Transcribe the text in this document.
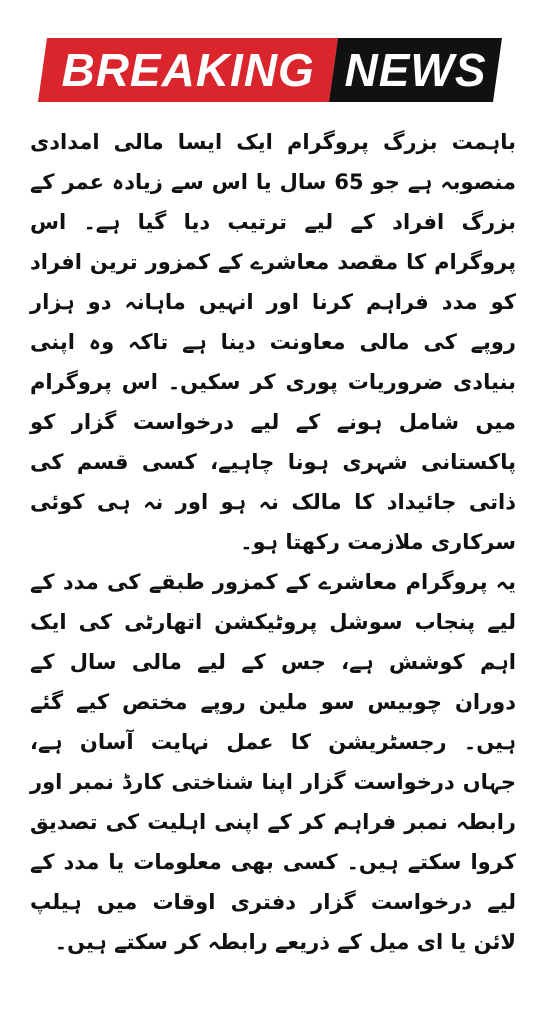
BREAKING NEWS

باہمت بزرگ پروگرام ایک ایسا مالی امدادی منصوبہ ہے جو 65 سال یا اس سے زیادہ عمر کے بزرگ افراد کے لیے ترتیب دیا گیا ہے۔ اس پروگرام کا مقصد معاشرے کے کمزور ترین افراد کو مدد فراہم کرنا اور انہیں ماہانہ دو ہزار روپے کی مالی معاونت دینا ہے تاکہ وہ اپنی بنیادی ضروریات پوری کر سکیں۔ اس پروگرام میں شامل ہونے کے لیے درخواست گزار کو پاکستانی شہری ہونا چاہیے، کسی قسم کی ذاتی جائیداد کا مالک نہ ہو اور نہ ہی کوئی سرکاری ملازمت رکھتا ہو۔

یہ پروگرام معاشرے کے کمزور طبقے کی مدد کے لیے پنجاب سوشل پروٹیکشن اتھارٹی کی ایک اہم کوشش ہے، جس کے لیے مالی سال کے دوران چوبیس سو ملین روپے مختص کیے گئے ہیں۔ رجسٹریشن کا عمل نہایت آسان ہے، جہاں درخواست گزار اپنا شناختی کارڈ نمبر اور رابطہ نمبر فراہم کر کے اپنی اہلیت کی تصدیق کروا سکتے ہیں۔ کسی بھی معلومات یا مدد کے لیے درخواست گزار دفتری اوقات میں ہیلپ لائن یا ای میل کے ذریعے رابطہ کر سکتے ہیں۔
